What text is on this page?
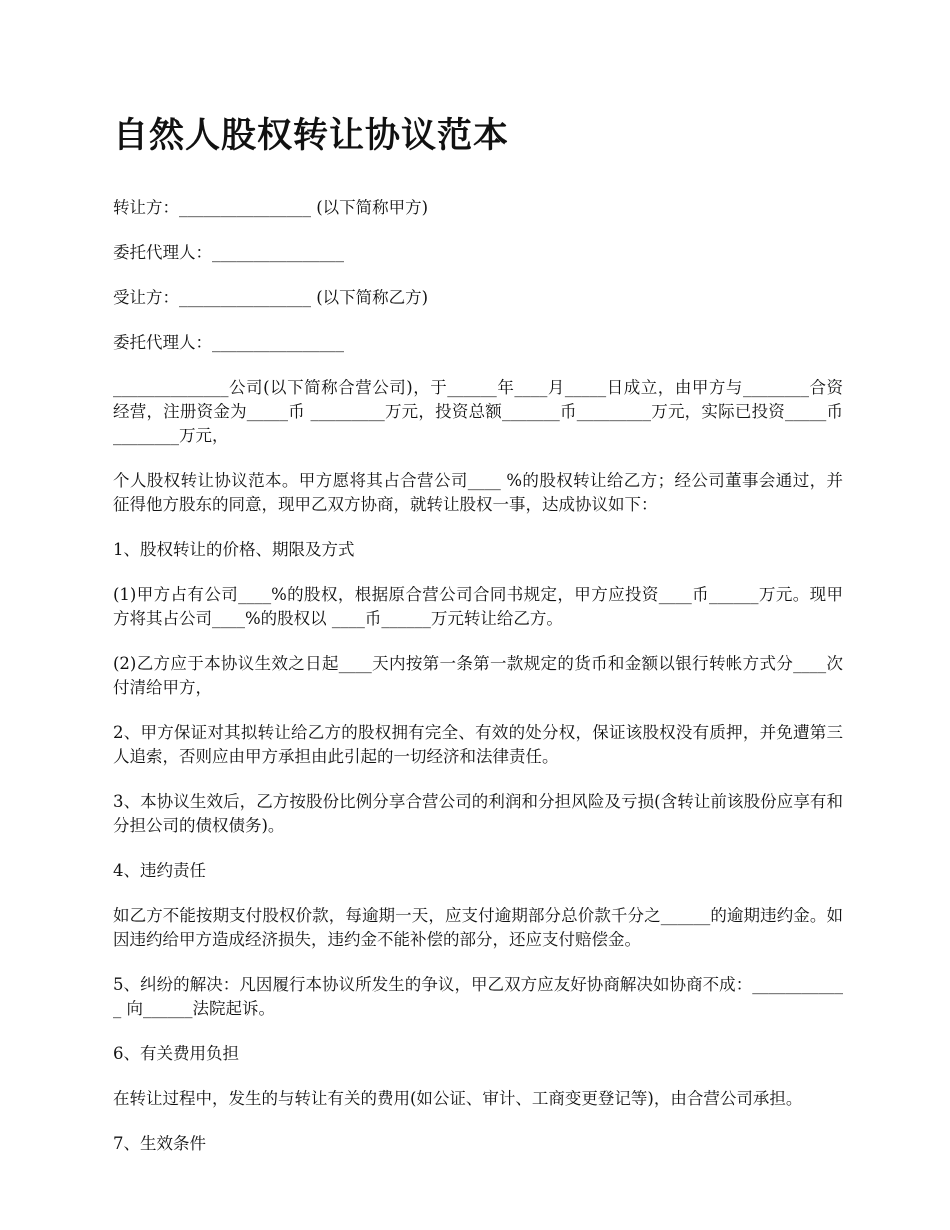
自然人股权转让协议范本

转让方：________________ (以下简称甲方)

委托代理人：________________

受让方：________________ (以下简称乙方)

委托代理人：________________

______________公司(以下简称合营公司)，于______年____月_____日成立，由甲方与________合资经营，注册资金为_____币 _________万元，投资总额_______币_________万元，实际已投资_____币________万元，

个人股权转让协议范本。甲方愿将其占合营公司____ %的股权转让给乙方；经公司董事会通过，并征得他方股东的同意，现甲乙双方协商，就转让股权一事，达成协议如下：

1、股权转让的价格、期限及方式

(1)甲方占有公司____%的股权，根据原合营公司合同书规定，甲方应投资____币______万元。现甲方将其占公司____%的股权以 ____币______万元转让给乙方。

(2)乙方应于本协议生效之日起____天内按第一条第一款规定的货币和金额以银行转帐方式分____次付清给甲方，

2、甲方保证对其拟转让给乙方的股权拥有完全、有效的处分权，保证该股权没有质押，并免遭第三人追索，否则应由甲方承担由此引起的一切经济和法律责任。

3、本协议生效后，乙方按股份比例分享合营公司的利润和分担风险及亏损(含转让前该股份应享有和分担公司的债权债务)。

4、违约责任

如乙方不能按期支付股权价款，每逾期一天，应支付逾期部分总价款千分之______的逾期违约金。如因违约给甲方造成经济损失，违约金不能补偿的部分，还应支付赔偿金。

5、纠纷的解决：凡因履行本协议所发生的争议，甲乙双方应友好协商解决如协商不成：____________ 向______法院起诉。

6、有关费用负担

在转让过程中，发生的与转让有关的费用(如公证、审计、工商变更登记等)，由合营公司承担。

7、生效条件
